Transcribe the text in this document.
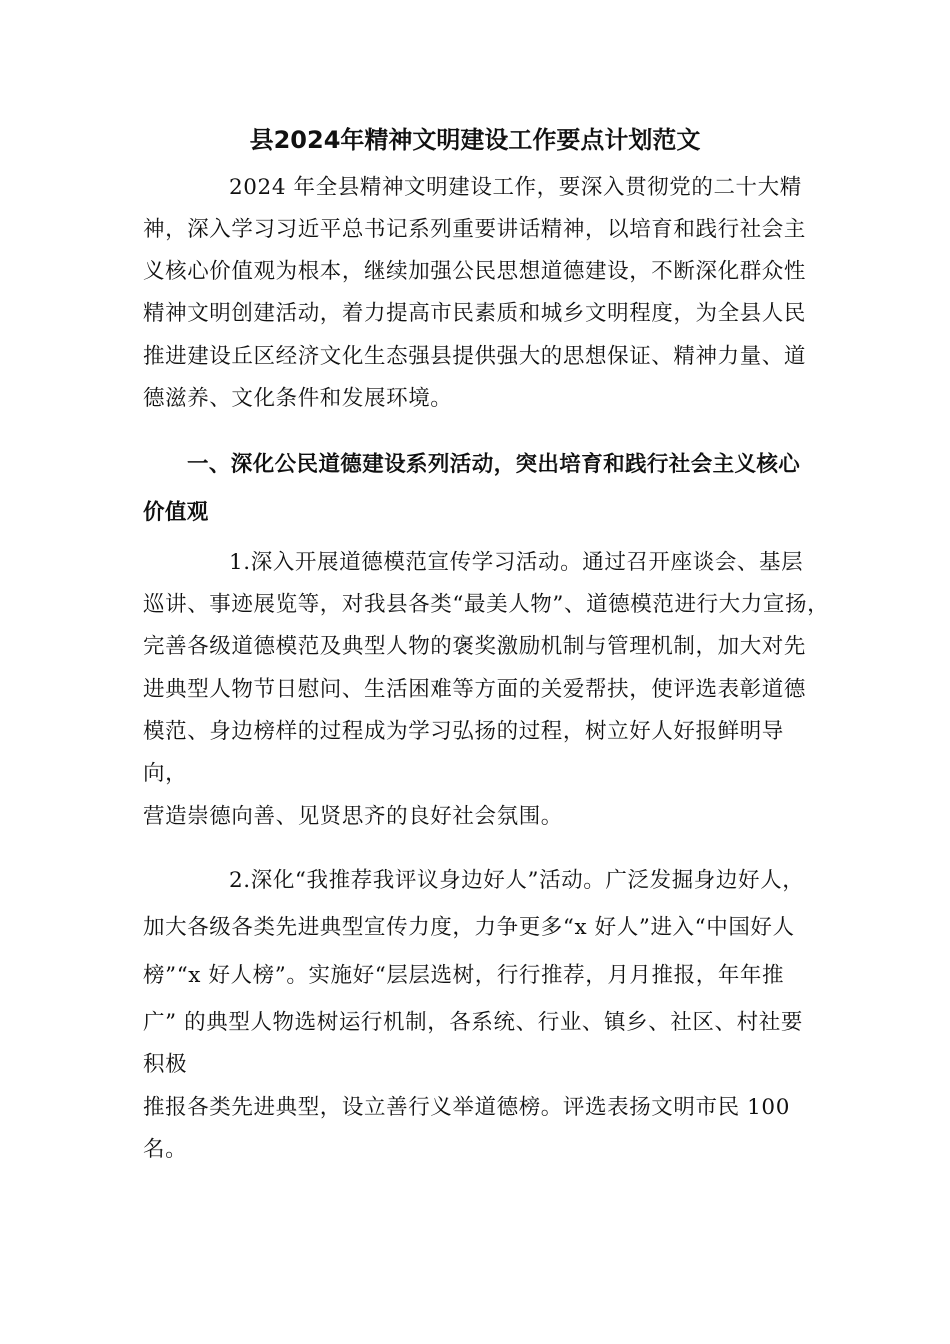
县2024年精神文明建设工作要点计划范文

2024 年全县精神文明建设工作，要深入贯彻党的二十大精

神，深入学习习近平总书记系列重要讲话精神，以培育和践行社会主

义核心价值观为根本，继续加强公民思想道德建设，不断深化群众性

精神文明创建活动，着力提高市民素质和城乡文明程度，为全县人民

推进建设丘区经济文化生态强县提供强大的思想保证、精神力量、道

德滋养、文化条件和发展环境。

一、深化公民道德建设系列活动，突出培育和践行社会主义核心

价值观

1.深入开展道德模范宣传学习活动。通过召开座谈会、基层

巡讲、事迹展览等，对我县各类“最美人物”、道德模范进行大力宣扬，

完善各级道德模范及典型人物的褒奖激励机制与管理机制，加大对先

进典型人物节日慰问、生活困难等方面的关爱帮扶，使评选表彰道德

模范、身边榜样的过程成为学习弘扬的过程，树立好人好报鲜明导

向，

营造崇德向善、见贤思齐的良好社会氛围。

2.深化“我推荐我评议身边好人”活动。广泛发掘身边好人，

加大各级各类先进典型宣传力度，力争更多“x 好人”进入“中国好人

榜”“x 好人榜”。实施好“层层选树，行行推荐，月月推报，年年推

广” 的典型人物选树运行机制，各系统、行业、镇乡、社区、村社要

积极

推报各类先进典型，设立善行义举道德榜。评选表扬文明市民 100

名。
